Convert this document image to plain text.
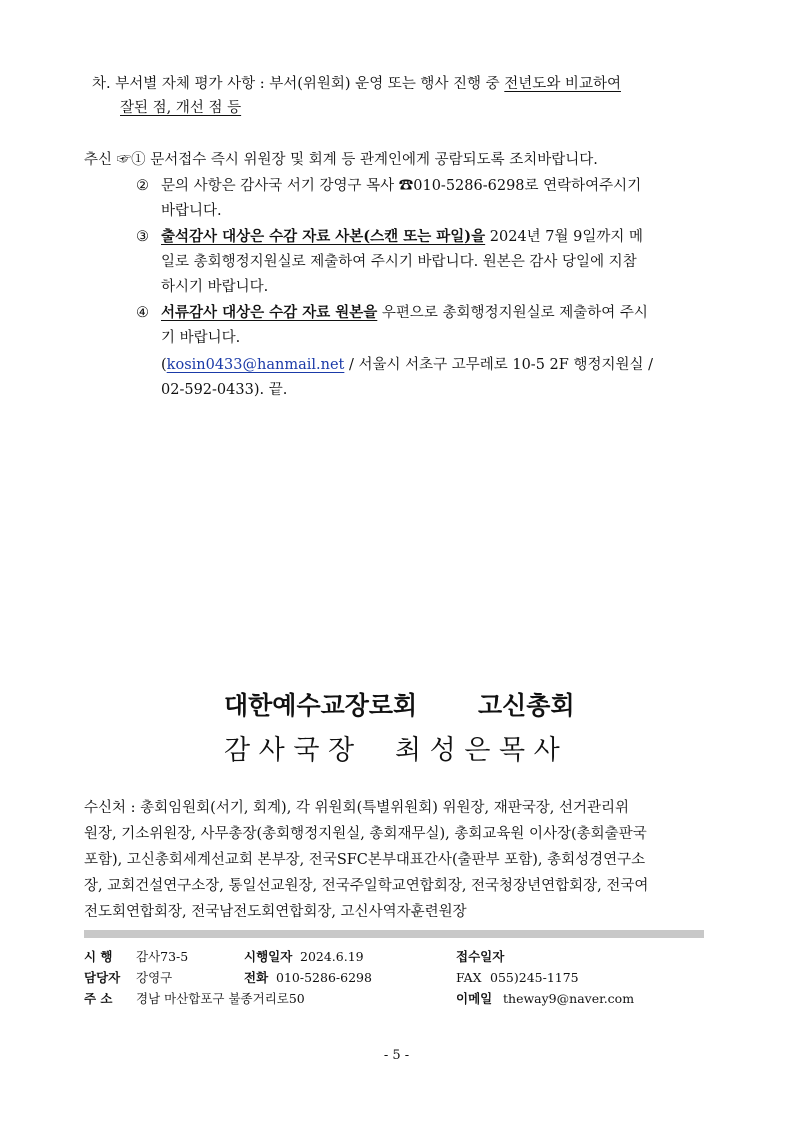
차. 부서별 자체 평가 사항 : 부서(위원회) 운영 또는 행사 진행 중 전년도와 비교하여
잘된 점, 개선 점 등
추신 ☞① 문서접수 즉시 위원장 및 회계 등 관계인에게 공람되도록 조치바랍니다.
② 문의 사항은 감사국 서기 강영구 목사 ☎010-5286-6298로 연락하여주시기
바랍니다.
③ 출석감사 대상은 수감 자료 사본(스캔 또는 파일)을 2024년 7월 9일까지 메
일로 총회행정지원실로 제출하여 주시기 바랍니다. 원본은 감사 당일에 지참
하시기 바랍니다.
④ 서류감사 대상은 수감 자료 원본을 우편으로 총회행정지원실로 제출하여 주시
기 바랍니다.
(kosin0433@hanmail.net / 서울시 서초구 고무레로 10-5 2F 행정지원실 /
02-592-0433). 끝.
대한예수교장로회 고신총회
감 사 국 장 최 성 은 목 사
수신처 : 총회임원회(서기, 회계), 각 위원회(특별위원회) 위원장, 재판국장, 선거관리위
원장, 기소위원장, 사무총장(총회행정지원실, 총회재무실), 총회교육원 이사장(총회출판국
포함), 고신총회세계선교회 본부장, 전국SFC본부대표간사(출판부 포함), 총회성경연구소
장, 교회건설연구소장, 통일선교원장, 전국주일학교연합회장, 전국청장년연합회장, 전국여
전도회연합회장, 전국남전도회연합회장, 고신사역자훈련원장
시 행 감사73-5	시행일자 2024.6.19	접수일자
담당자 강영구	전화 010-5286-6298	FAX 055)245-1175
주 소 경남 마산합포구 불종거리로50	이메일 theway9@naver.com
- 5 -
